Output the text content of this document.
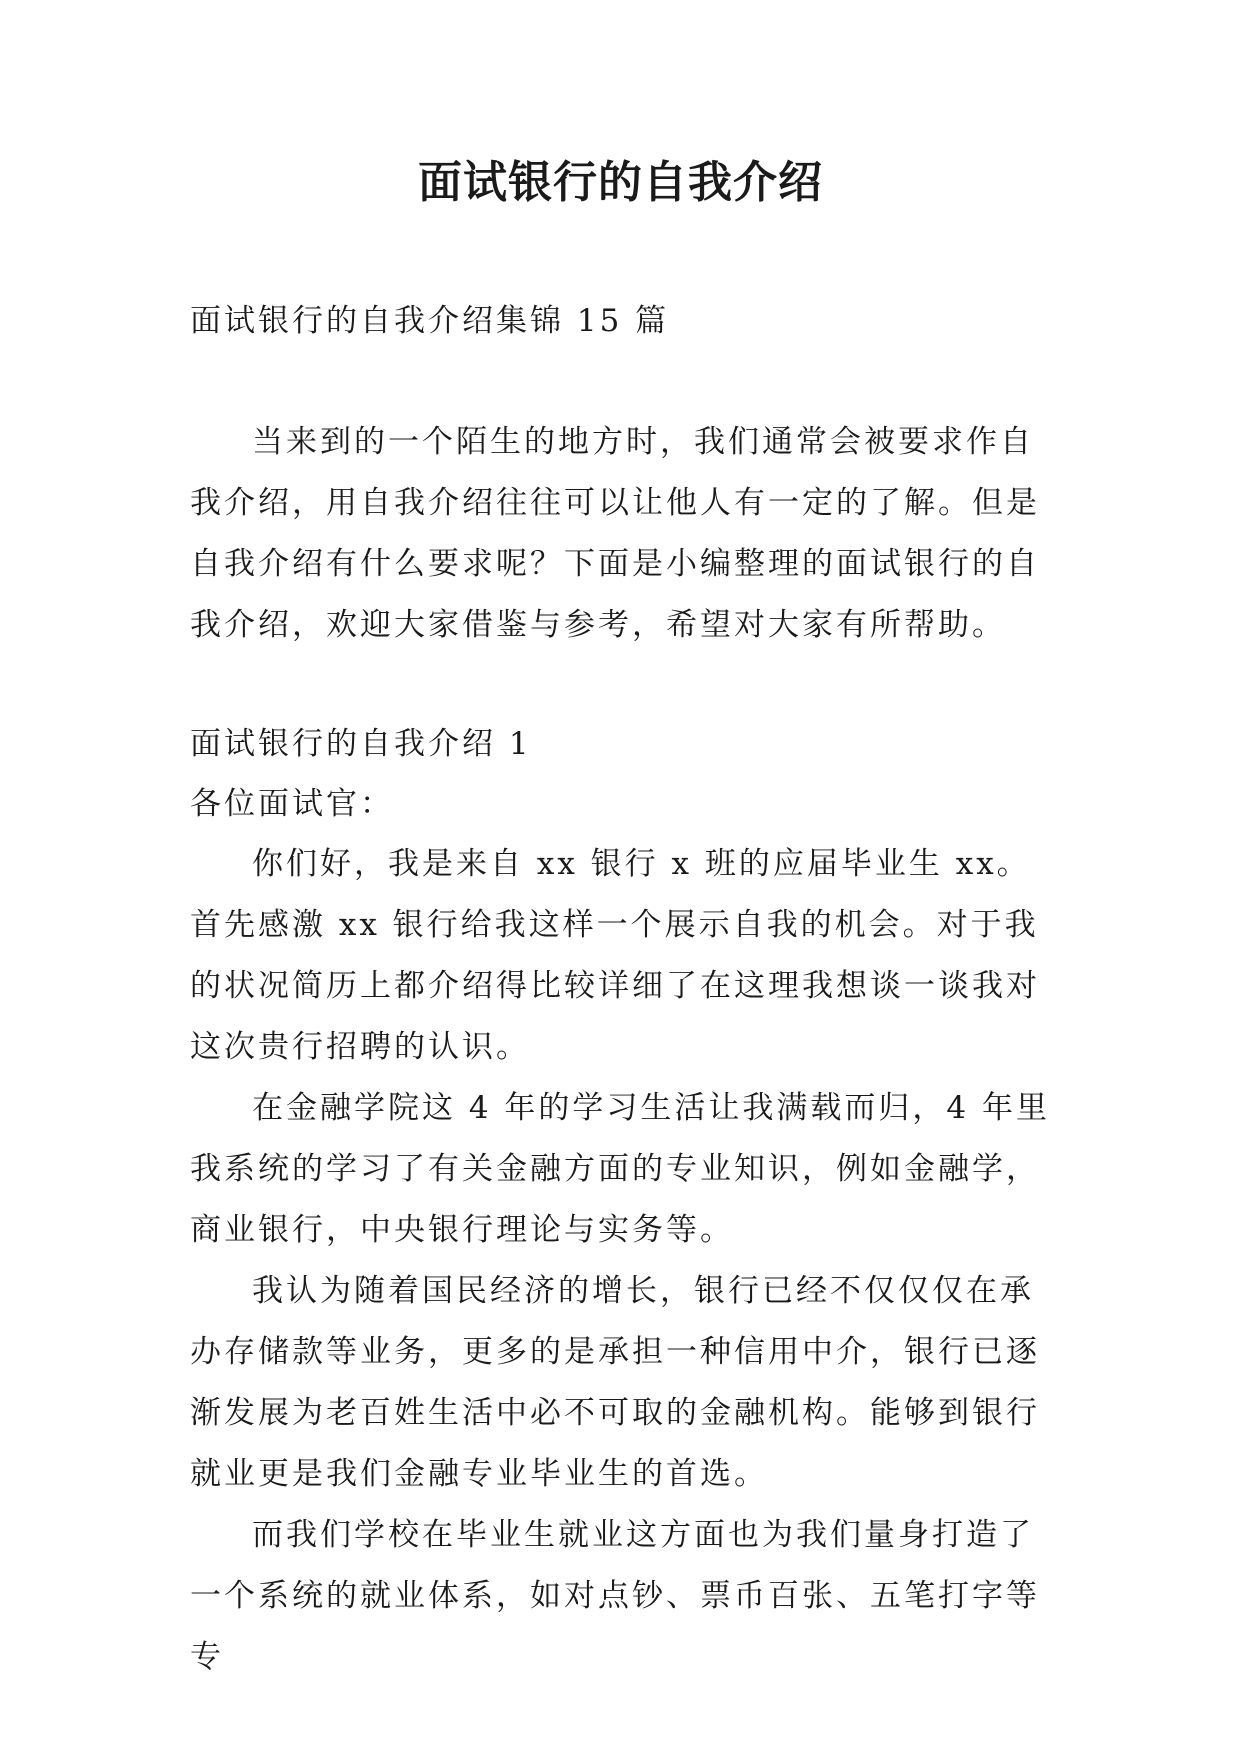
面试银行的自我介绍

面试银行的自我介绍集锦 15 篇

当来到的一个陌生的地方时，我们通常会被要求作自我介绍，用自我介绍往往可以让他人有一定的了解。但是自我介绍有什么要求呢？下面是小编整理的面试银行的自我介绍，欢迎大家借鉴与参考，希望对大家有所帮助。

面试银行的自我介绍 1

各位面试官：

你们好，我是来自 xx 银行 x 班的应届毕业生 xx。首先感激 xx 银行给我这样一个展示自我的机会。对于我的状况简历上都介绍得比较详细了在这理我想谈一谈我对这次贵行招聘的认识。

在金融学院这 4 年的学习生活让我满载而归，4 年里我系统的学习了有关金融方面的专业知识，例如金融学，商业银行，中央银行理论与实务等。

我认为随着国民经济的增长，银行已经不仅仅仅在承办存储款等业务，更多的是承担一种信用中介，银行已逐渐发展为老百姓生活中必不可取的金融机构。能够到银行就业更是我们金融专业毕业生的首选。

而我们学校在毕业生就业这方面也为我们量身打造了一个系统的就业体系，如对点钞、票币百张、五笔打字等专
